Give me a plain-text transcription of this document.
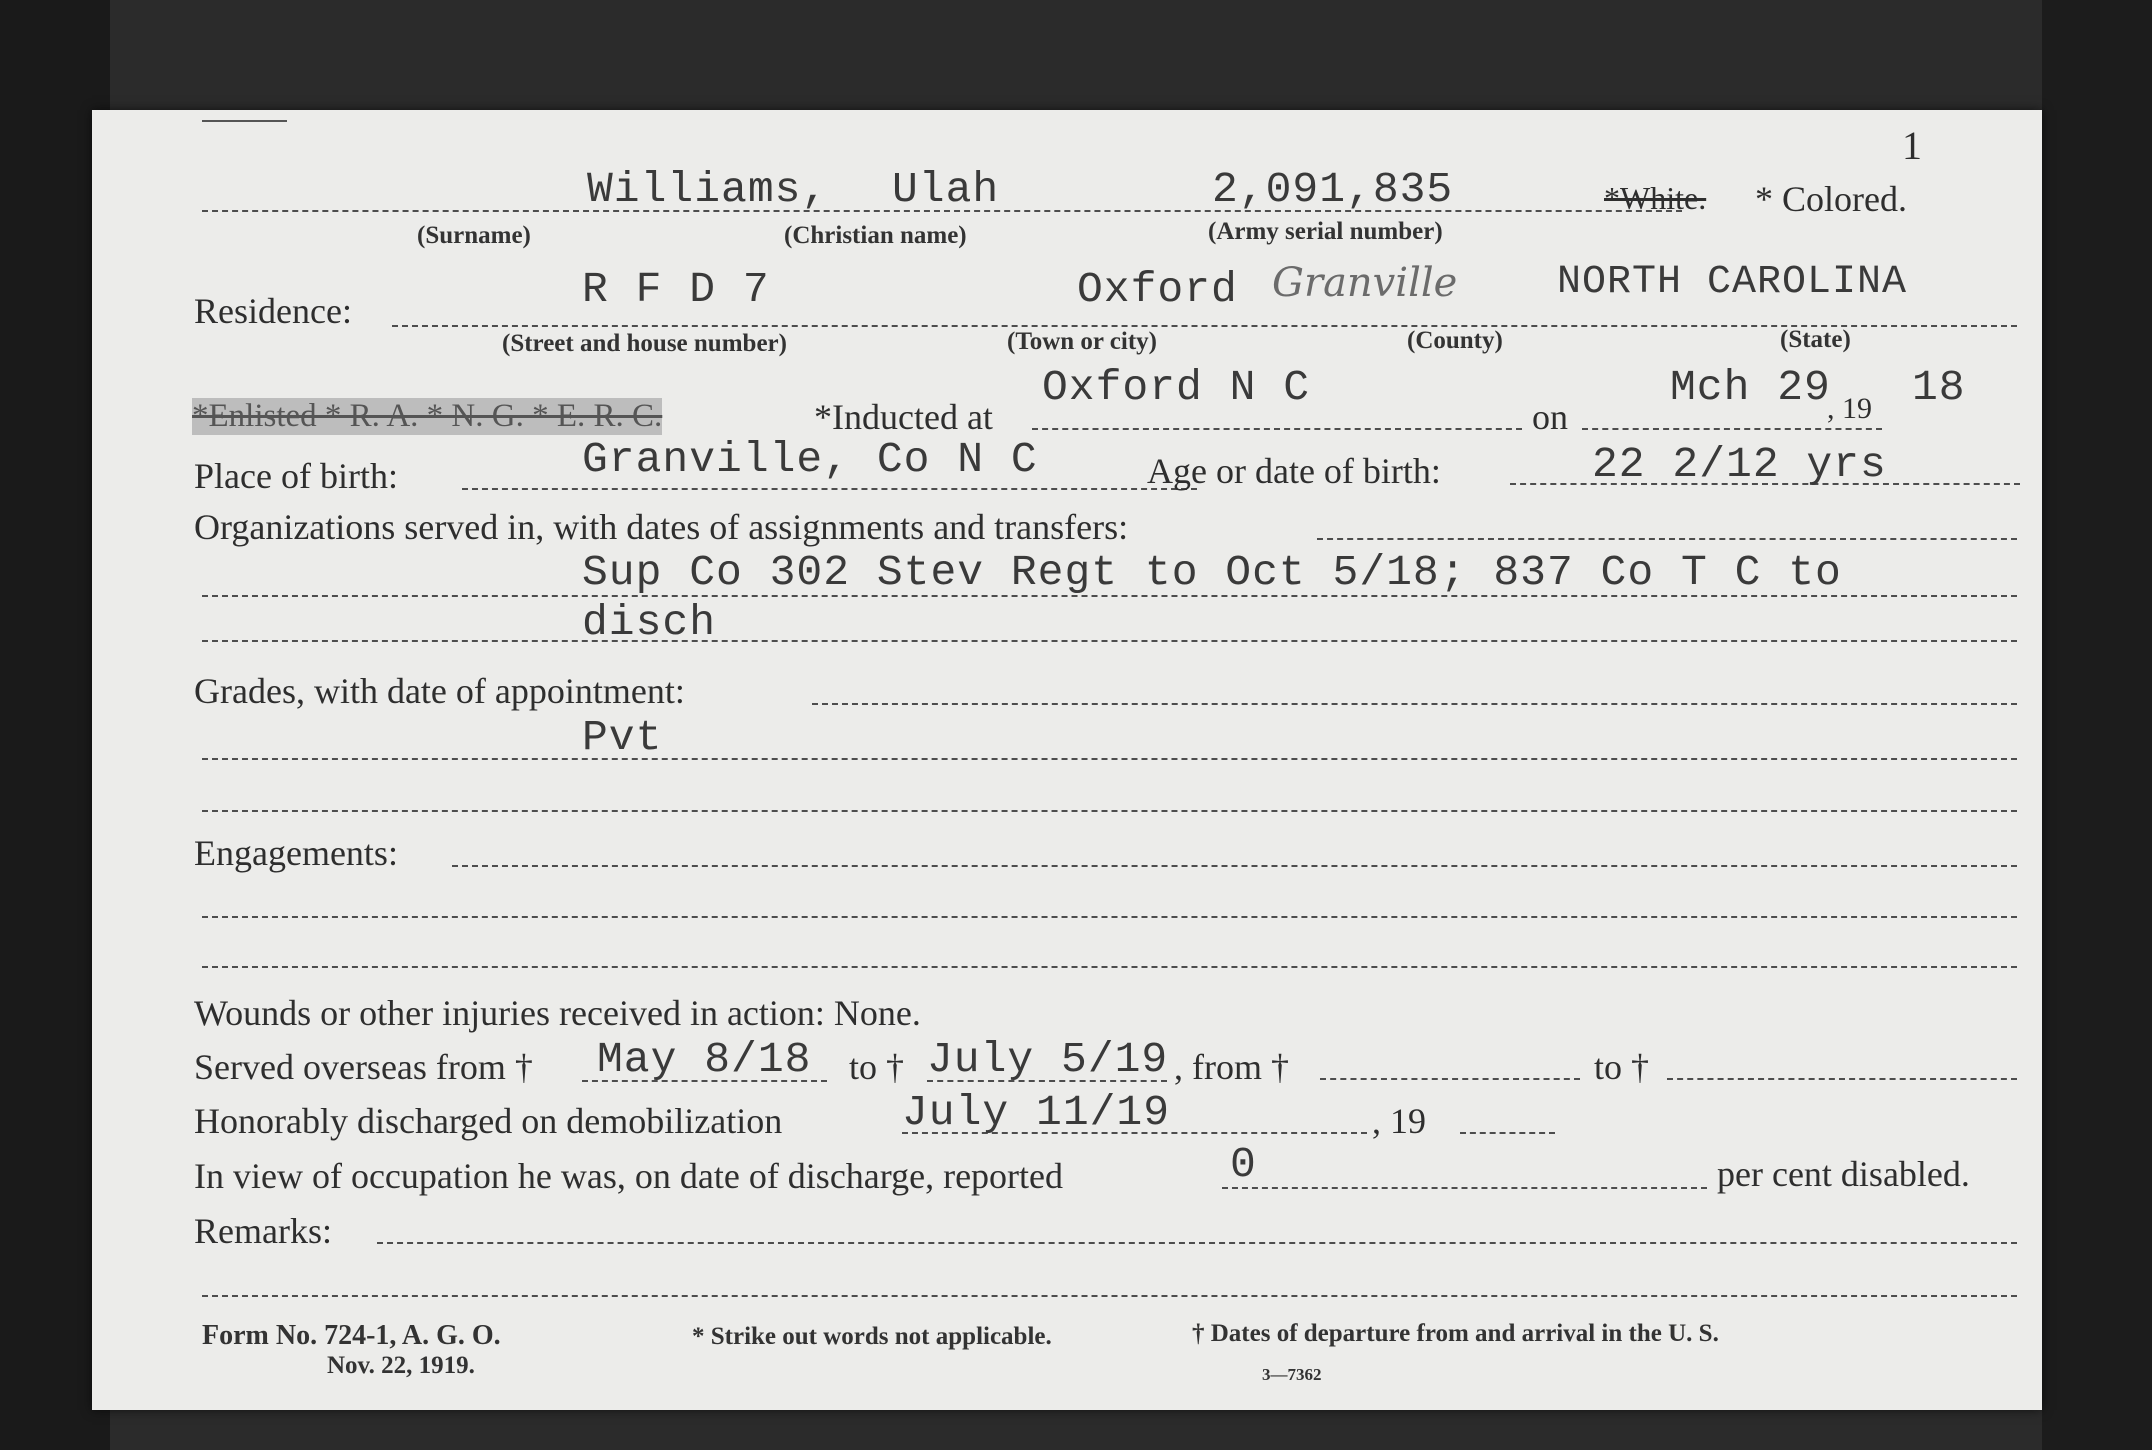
1
Williams, Ulah	2,091,835	*White. * Colored.
(Surname)	(Christian name)	(Army serial number)
Residence:	R F D 7	Oxford Granville NORTH CAROLINA
(Street and house number)	(Town or city)	(County)	(State)
*Enlisted * R. A. * N. G. * E. R. C.	*Inducted at
Oxford N C
on
Mch 29
, 19 18
Place of birth:	Granville, Co N C	Age or date of birth:	22 2/12 yrs
Organizations served in, with dates of assignments and transfers:
Sup Co 302 Stev Regt to Oct 5/18; 837 Co T C to
disch
Grades, with date of appointment:
Pvt
Engagements:
Wounds or other injuries received in action: None.
Served overseas from † May 8/18 to † July 5/19 , from †	to †
Honorably discharged on demobilization	July 11/19	, 19
In view of occupation he was, on date of discharge, reported	0	per cent disabled.
Remarks:
Form No. 724-1, A. G. O.
Nov. 22, 1919.
* Strike out words not applicable.	† Dates of departure from and arrival in the U. S.
3—7362
